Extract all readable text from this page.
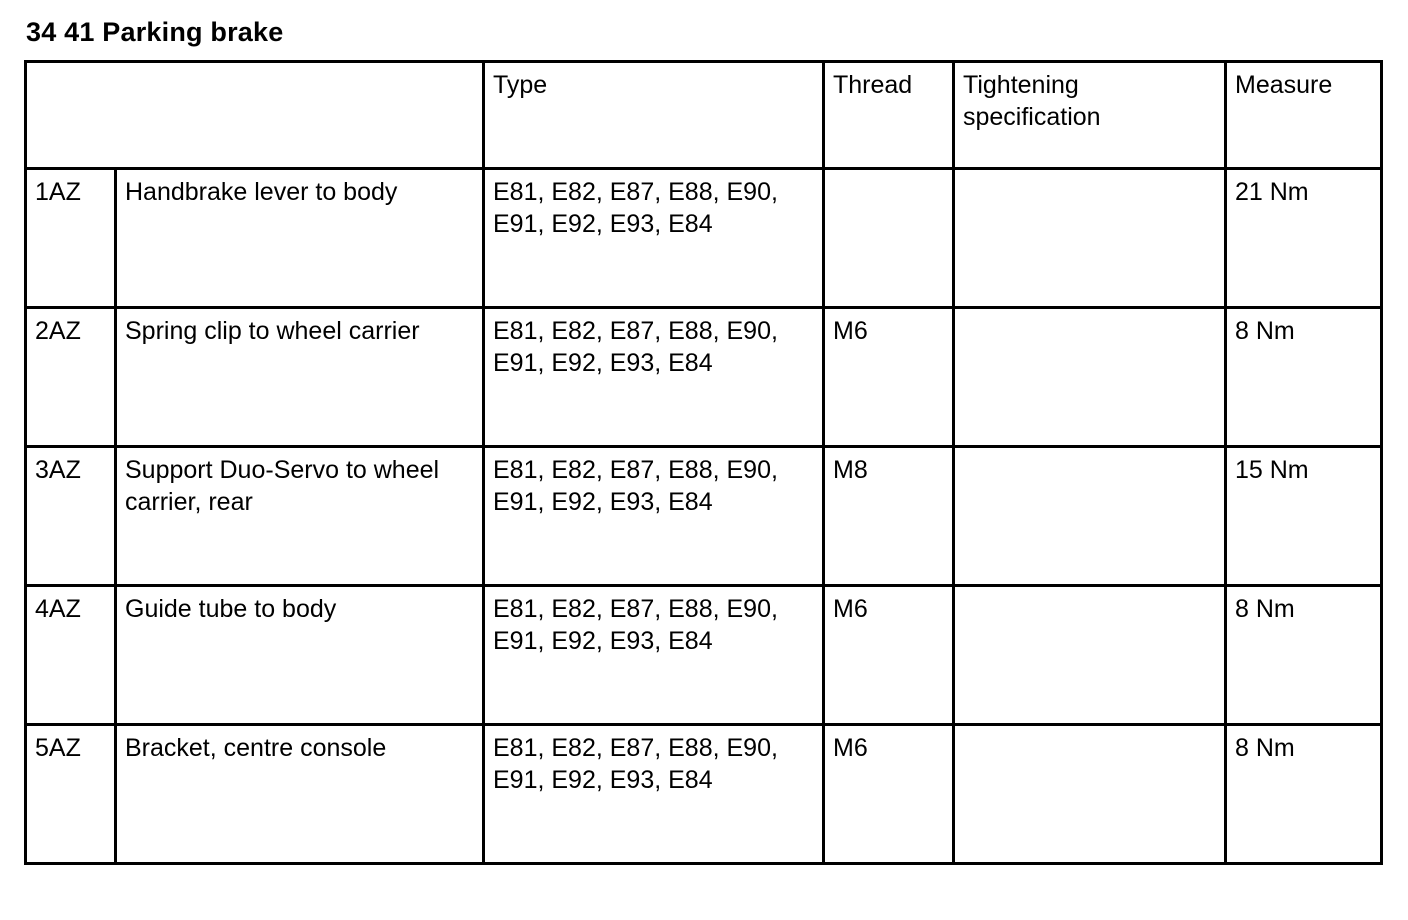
34 41 Parking brake
		Type	Thread	Tightening specification	Measure
1AZ	Handbrake lever to body	E81, E82, E87, E88, E90, E91, E92, E93, E84			21 Nm
2AZ	Spring clip to wheel carrier	E81, E82, E87, E88, E90, E91, E92, E93, E84	M6		8 Nm
3AZ	Support Duo-Servo to wheel carrier, rear	E81, E82, E87, E88, E90, E91, E92, E93, E84	M8		15 Nm
4AZ	Guide tube to body	E81, E82, E87, E88, E90, E91, E92, E93, E84	M6		8 Nm
5AZ	Bracket, centre console	E81, E82, E87, E88, E90, E91, E92, E93, E84	M6		8 Nm
